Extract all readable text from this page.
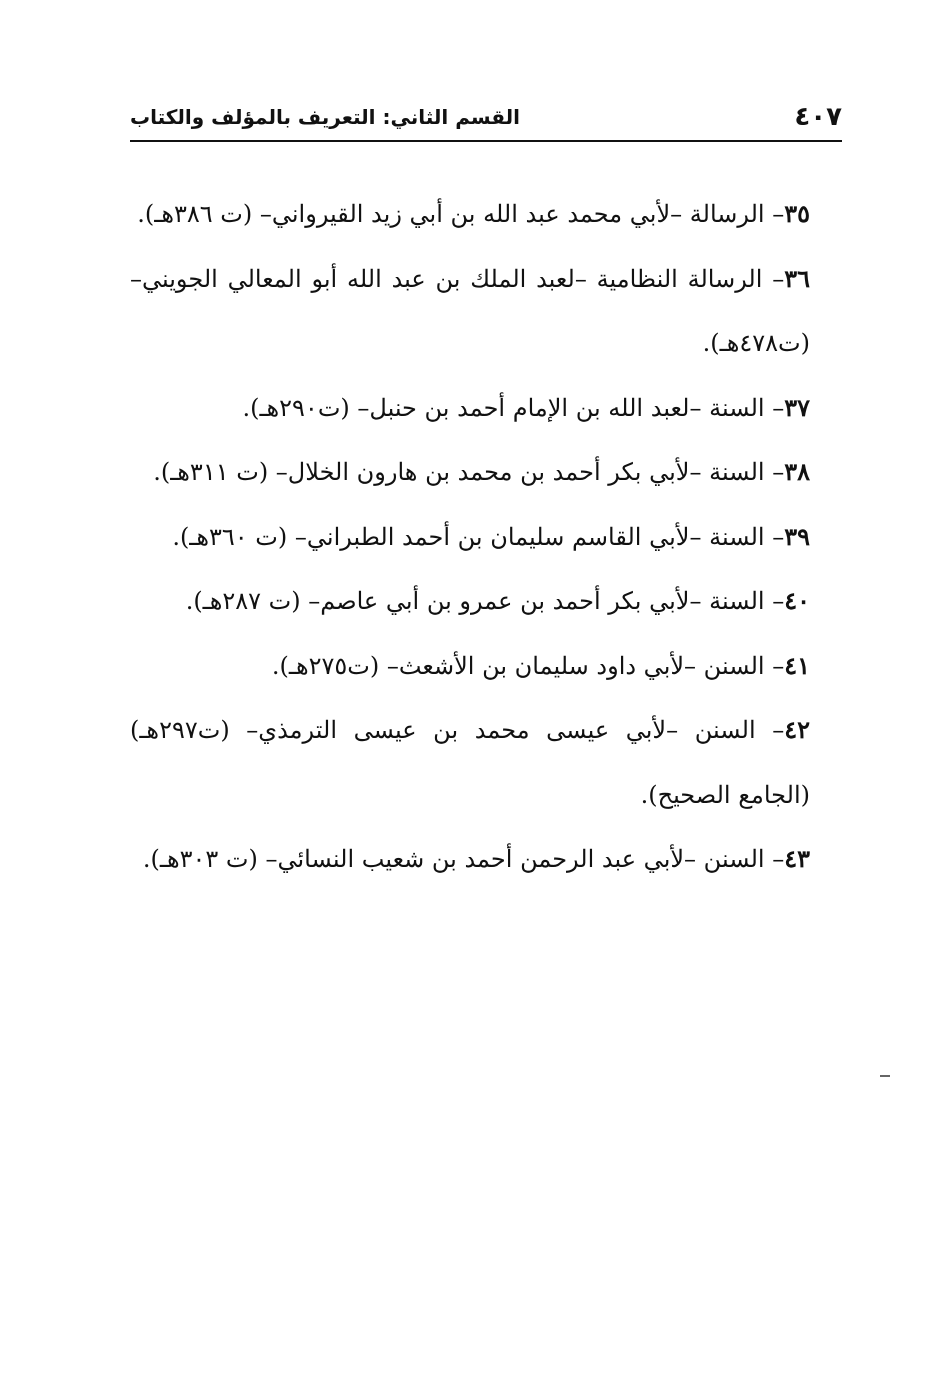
٤٠٧
القسم الثاني: التعريف بالمؤلف والكتاب

٣٥– الرسالة –لأبي محمد عبد الله بن أبي زيد القيرواني– (ت ٣٨٦هـ).

٣٦– الرسالة النظامية –لعبد الملك بن عبد الله أبو المعالي الجويني– (ت٤٧٨هـ).

٣٧– السنة –لعبد الله بن الإمام أحمد بن حنبل– (ت٢٩٠هـ).

٣٨– السنة –لأبي بكر أحمد بن محمد بن هارون الخلال– (ت ٣١١هـ).

٣٩– السنة –لأبي القاسم سليمان بن أحمد الطبراني– (ت ٣٦٠هـ).

٤٠– السنة –لأبي بكر أحمد بن عمرو بن أبي عاصم– (ت ٢٨٧هـ).

٤١– السنن –لأبي داود سليمان بن الأشعث– (ت٢٧٥هـ).

٤٢– السنن –لأبي عيسى محمد بن عيسى الترمذي– (ت٢٩٧هـ) (الجامع الصحيح).

٤٣– السنن –لأبي عبد الرحمن أحمد بن شعيب النسائي– (ت ٣٠٣هـ).
